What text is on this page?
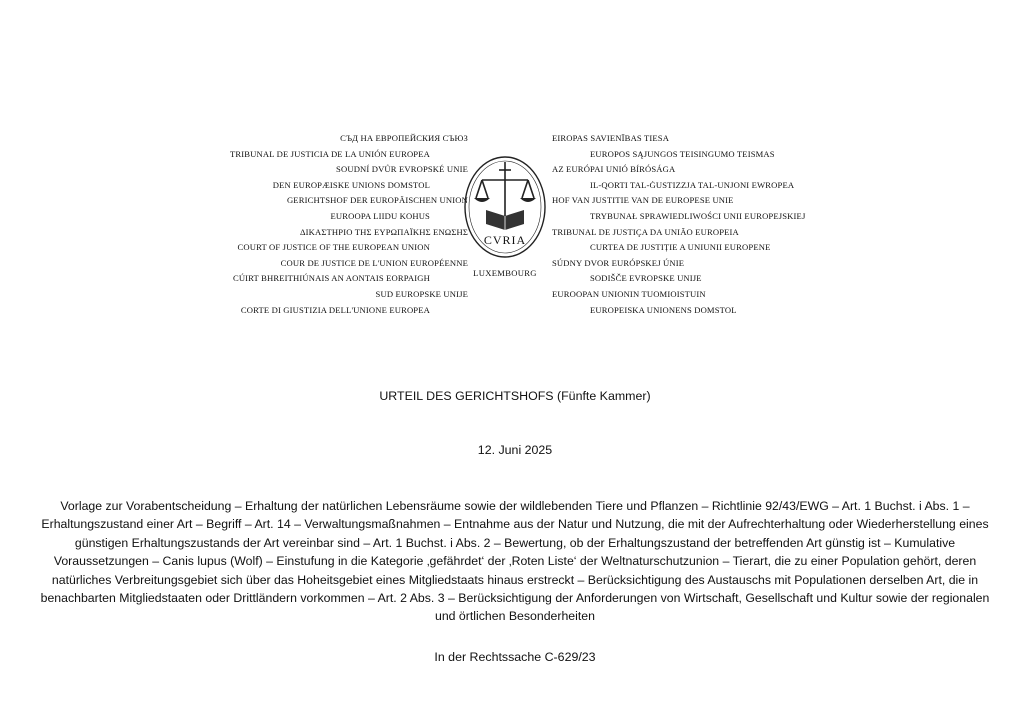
СЪД НА ЕВРОПЕЙСКИЯ СЪЮЗ
TRIBUNAL DE JUSTICIA DE LA UNIÓN EUROPEA
SOUDNÍ DVŮR EVROPSKÉ UNIE
DEN EUROPÆISKE UNIONS DOMSTOL
GERICHTSHOF DER EUROPÄISCHEN UNION
EUROOPA LIIDU KOHUS
ΔΙΚΑΣΤΗΡΙΟ ΤΗΣ ΕΥΡΩΠΑΪΚΗΣ ΕΝΩΣΗΣ
COURT OF JUSTICE OF THE EUROPEAN UNION
COUR DE JUSTICE DE L'UNION EUROPÉENNE
CÚIRT BHREITHIÚNAIS AN AONTAIS EORPAIGH
SUD EUROPSKE UNIJE
CORTE DI GIUSTIZIA DELL'UNIONE EUROPEA
CVRIA
LUXEMBOURG
EIROPAS SAVIENĪBAS TIESA
EUROPOS SĄJUNGOS TEISINGUMO TEISMAS
AZ EURÓPAI UNIÓ BÍRÓSÁGA
IL-QORTI TAL-ĠUSTIZZJA TAL-UNJONI EWROPEA
HOF VAN JUSTITIE VAN DE EUROPESE UNIE
TRYBUNAŁ SPRAWIEDLIWOŚCI UNII EUROPEJSKIEJ
TRIBUNAL DE JUSTIÇA DA UNIÃO EUROPEIA
CURTEA DE JUSTIȚIE A UNIUNII EUROPENE
SÚDNY DVOR EURÓPSKEJ ÚNIE
SODIŠČE EVROPSKE UNIJE
EUROOPAN UNIONIN TUOMIOISTUIN
EUROPEISKA UNIONENS DOMSTOL
URTEIL DES GERICHTSHOFS (Fünfte Kammer)
12. Juni 2025
Vorlage zur Vorabentscheidung – Erhaltung der natürlichen Lebensräume sowie der wildlebenden Tiere und Pflanzen – Richtlinie 92/43/EWG – Art. 1 Buchst. i Abs. 1 – Erhaltungszustand einer Art – Begriff – Art. 14 – Verwaltungsmaßnahmen – Entnahme aus der Natur und Nutzung, die mit der Aufrechterhaltung oder Wiederherstellung eines günstigen Erhaltungszustands der Art vereinbar sind – Art. 1 Buchst. i Abs. 2 – Bewertung, ob der Erhaltungszustand der betreffenden Art günstig ist – Kumulative Voraussetzungen – Canis lupus (Wolf) – Einstufung in die Kategorie ‚gefährdet‘ der ‚Roten Liste‘ der Weltnaturschutzunion – Tierart, die zu einer Population gehört, deren natürliches Verbreitungsgebiet sich über das Hoheitsgebiet eines Mitgliedstaats hinaus erstreckt – Berücksichtigung des Austauschs mit Populationen derselben Art, die in benachbarten Mitgliedstaaten oder Drittländern vorkommen – Art. 2 Abs. 3 – Berücksichtigung der Anforderungen von Wirtschaft, Gesellschaft und Kultur sowie der regionalen und örtlichen Besonderheiten
In der Rechtssache C‑629/23
